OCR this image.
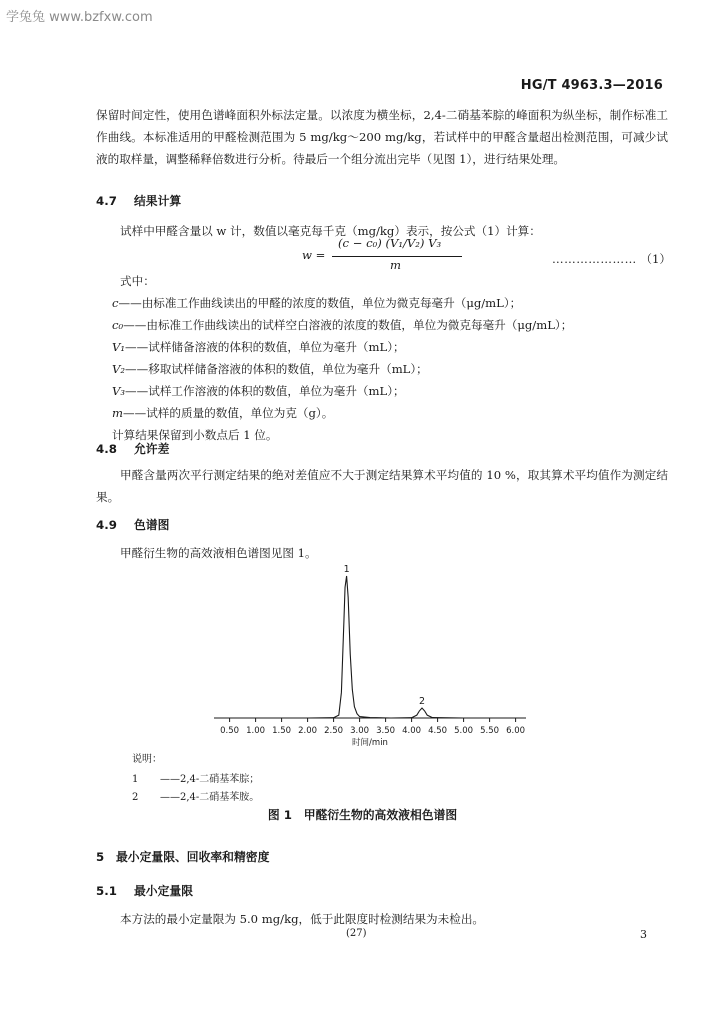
学兔兔 www.bzfxw.com
HG/T 4963.3—2016
保留时间定性，使用色谱峰面积外标法定量。以浓度为横坐标，2,4-二硝基苯腙的峰面积为纵坐标，制作标准工作曲线。本标准适用的甲醛检测范围为 5 mg/kg～200 mg/kg，若试样中的甲醛含量超出检测范围，可减少试液的取样量，调整稀释倍数进行分析。待最后一个组分流出完毕（见图 1），进行结果处理。
4.7 结果计算
试样中甲醛含量以 w 计，数值以毫克每千克（mg/kg）表示，按公式（1）计算：
w =
(c − c₀) (V₁/V₂) V₃
m	………………… （1）
式中：
c——由标准工作曲线读出的甲醛的浓度的数值，单位为微克每毫升（μg/mL）；
c₀——由标准工作曲线读出的试样空白溶液的浓度的数值，单位为微克每毫升（μg/mL）；
V₁——试样储备溶液的体积的数值，单位为毫升（mL）；
V₂——移取试样储备溶液的体积的数值，单位为毫升（mL）；
V₃——试样工作溶液的体积的数值，单位为毫升（mL）；
m——试样的质量的数值，单位为克（g）。
计算结果保留到小数点后 1 位。
4.8 允许差
甲醛含量两次平行测定结果的绝对差值应不大于测定结果算术平均值的 10 %，取其算术平均值作为测定结果。
4.9 色谱图
甲醛衍生物的高效液相色谱图见图 1。
0.50 1.00 1.50 2.00 2.50 3.00 3.50 4.00 4.50 5.00 5.50 6.00
时间/min
1
2
说明：
1 ——2,4-二硝基苯腙；
2 ——2,4-二硝基苯胺。
图 1　甲醛衍生物的高效液相色谱图
5 最小定量限、回收率和精密度
5.1 最小定量限
本方法的最小定量限为 5.0 mg/kg，低于此限度时检测结果为未检出。
(27)	3
